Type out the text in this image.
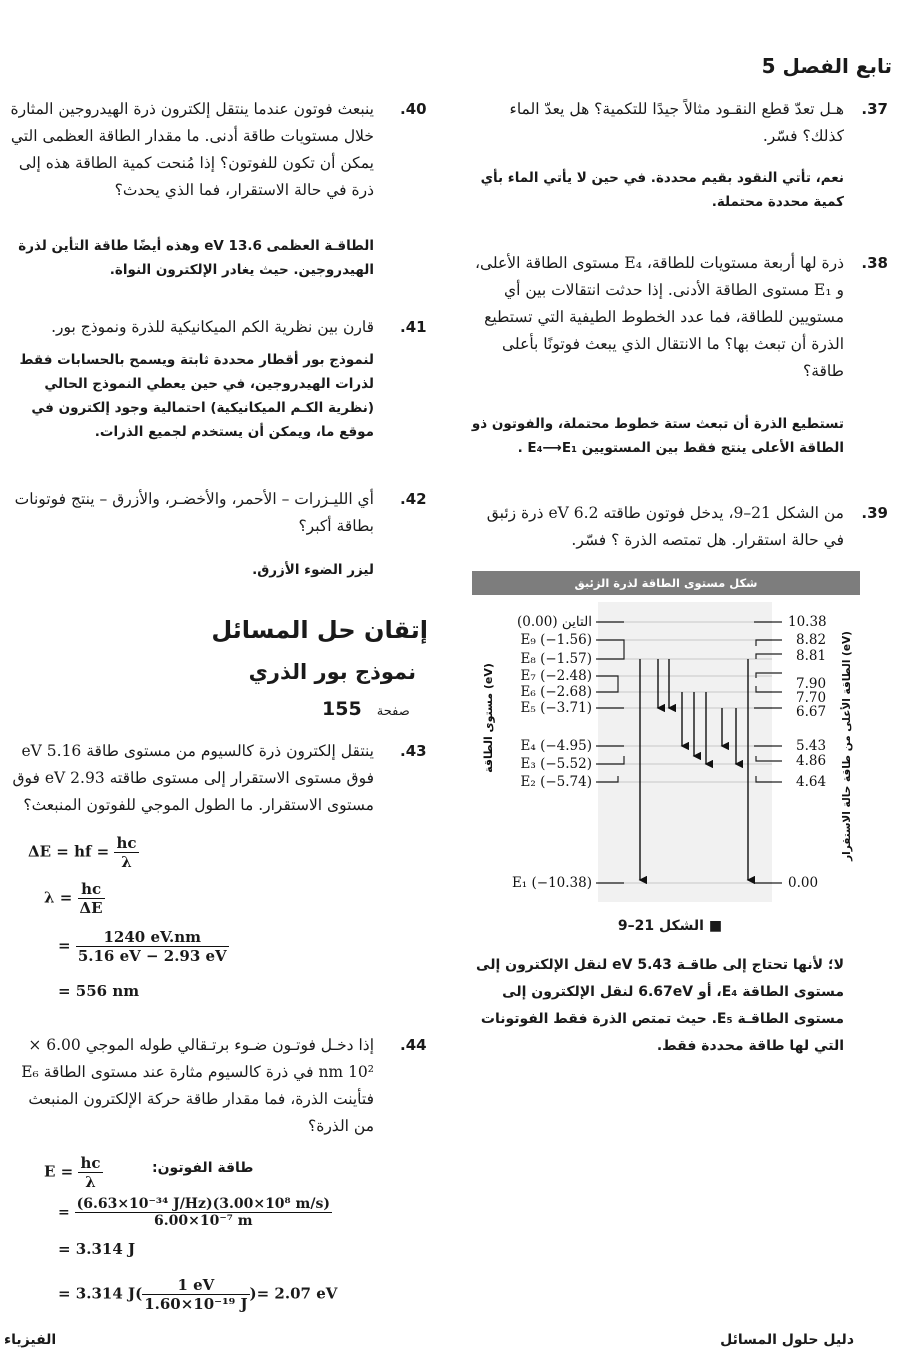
تابع الفصل 5
.37
هـل تعدّ قطع النقـود مثالاً جيدًا للتكمية؟ هل يعدّ الماء كذلك؟ فسّر.
نعم، تأتي النقود بقيم محددة. في حين لا يأتي الماء بأي كمية محددة محتملة.
.38
ذرة لها أربعة مستويات للطاقة، E₄ مستوى الطاقة الأعلى، و E₁ مستوى الطاقة الأدنى. إذا حدثت انتقالات بين أي مستويين للطاقة، فما عدد الخطوط الطيفية التي تستطيع الذرة أن تبعث بها؟ ما الانتقال الذي يبعث فوتونًا بأعلى طاقة؟
تستطيع الذرة أن تبعث ستة خطوط محتملة، والفوتون ذو الطاقة الأعلى ينتج فقط بين المستويين E₄⟶E₁ .
.39
من الشكل 21–9، يدخل فوتون طاقته 6.2 eV ذرة زئبق في حالة استقرار. هل تمتصه الذرة ؟ فسّر.
شكل مستوى الطاقة لذرة الزئبق
التاين (0.00)
E₉ (−1.56)
E₈ (−1.57)
E₇ (−2.48)
E₆ (−2.68)
E₅ (−3.71)
E₄ (−4.95)
E₃ (−5.52)
E₂ (−5.74)
E₁ (−10.38)
10.38
8.82
8.81
7.90
7.70
6.67
5.43
4.86
4.64
0.00
مستوى الطاقة (eV)	الطاقة الأعلى من طاقة حالة الاستقرار (eV)
■ الشكل 21–9
لا؛ لأنها تحتاج إلى طاقـة 5.43 eV لنقل الإلكترون إلى مستوى الطاقة E₄، أو 6.67eV لنقل الإلكترون إلى مستوى الطاقـة E₅. حيث تمتص الذرة فقط الفوتونات التي لها طاقة محددة فقط.
.40
ينبعث فوتون عندما ينتقل إلكترون ذرة الهيدروجين المثارة خلال مستويات طاقة أدنى. ما مقدار الطاقة العظمى التي يمكن أن تكون للفوتون؟ إذا مُنحت كمية الطاقة هذه إلى ذرة في حالة الاستقرار، فما الذي يحدث؟
الطاقـة العظمى 13.6 eV وهذه أيضًا طاقة التأين لذرة الهيدروجين. حيث يغادر الإلكترون النواة.
.41
قارن بين نظرية الكم الميكانيكية للذرة ونموذج بور.
لنموذج بور أقطار محددة ثابتة ويسمح بالحسابات فقط لذرات الهيدروجين، في حين يعطي النموذج الحالي (نظرية الكـم الميكانيكية) احتمالية وجود إلكترون في موقع ما، ويمكن أن يستخدم لجميع الذرات.
.42
أي الليـزرات – الأحمر، والأخضـر، والأزرق – ينتج فوتونات بطاقة أكبر؟
ليزر الضوء الأزرق.
إتقان حل المسائل
نموذج بور الذري
صفحة 155
.43
ينتقل إلكترون ذرة كالسيوم من مستوى طاقة 5.16 eV فوق مستوى الاستقرار إلى مستوى طاقته 2.93 eV فوق مستوى الاستقرار. ما الطول الموجي للفوتون المنبعث؟
ΔE = hf = $\frac{hc}{\lambda}$
$\lambda = \frac{hc}{\Delta E}$
= $\frac{1240 eV.nm}{5.16 eV - 2.93 eV}$
= 556 nm
.44
إذا دخـل فوتـون ضـوء برتـقالي طوله الموجي 6.00 × 10² nm في ذرة كالسيوم مثارة عند مستوى الطاقة E₆ فتأينت الذرة، فما مقدار طاقة حركة الإلكترون المنبعث من الذرة؟
$E = \frac{hc}{\lambda}$	طاقة الفوتون:
= $\frac{\text{(6.63×10⁻³⁴ J/Hz)(3.00×10⁸ m/s)}}{\text{6.00×10⁻⁷ m}}$
= 3.314 J
= 3.314 $J( \frac{1 eV}{\text{1.60×10⁻¹⁹ J}}$ )= 2.07 eV
دليل حلول المسائل
الفيزياء
